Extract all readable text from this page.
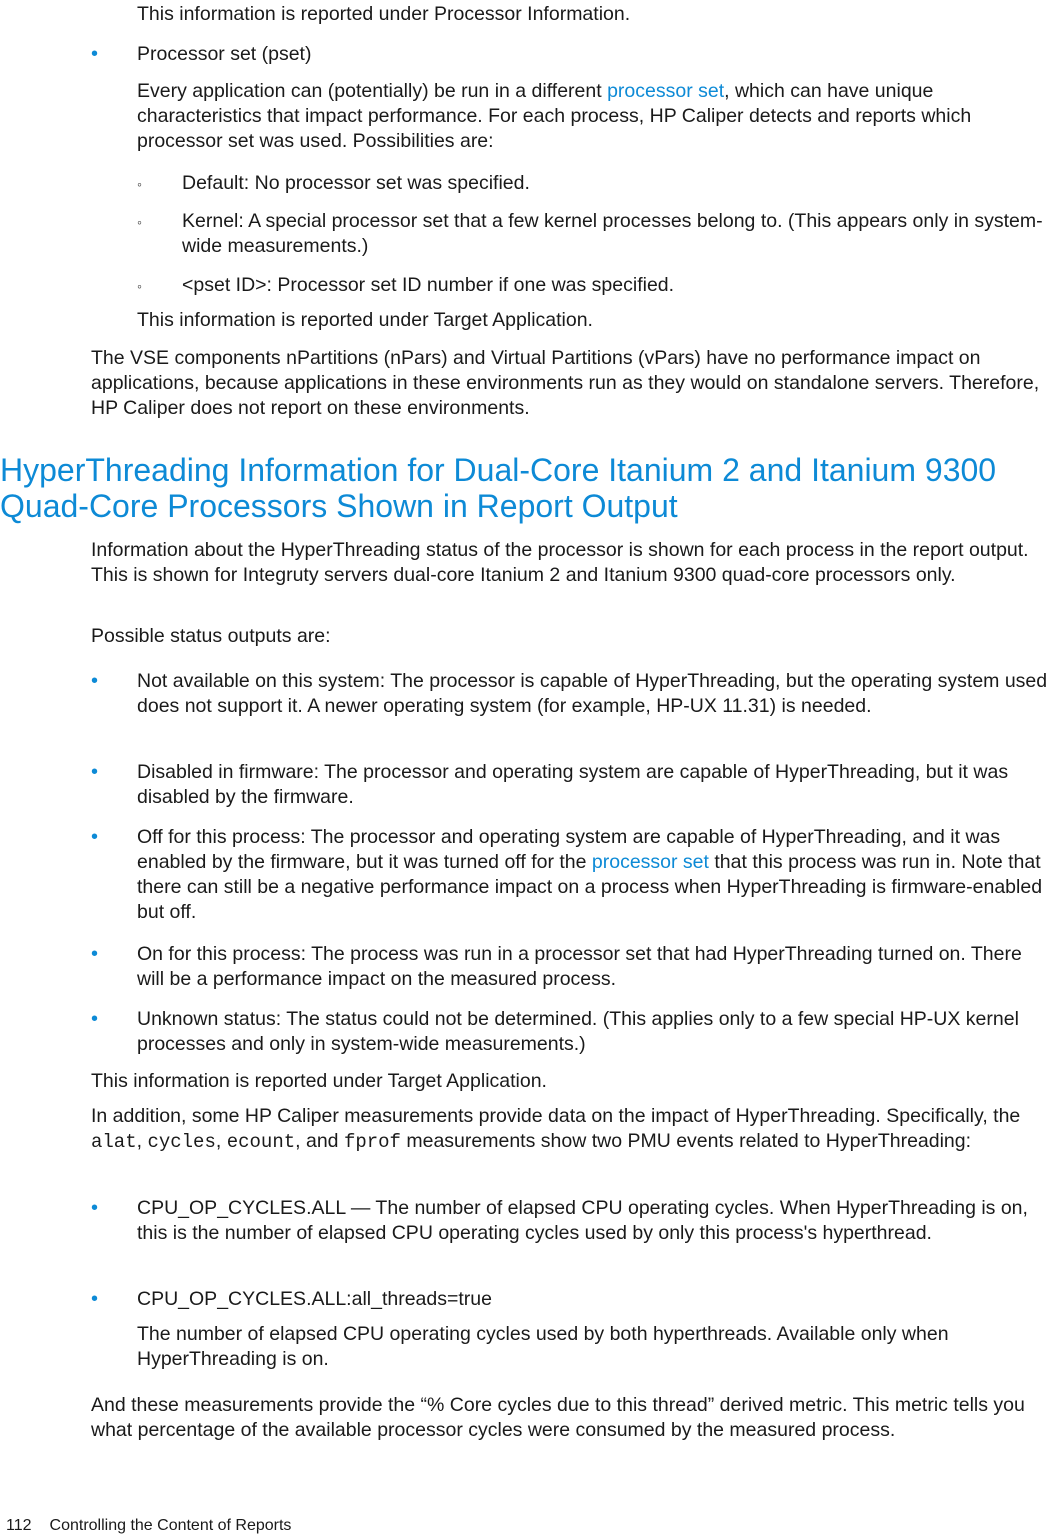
This information is reported under Processor Information.

• Processor set (pset)

Every application can (potentially) be run in a different processor set, which can have unique characteristics that impact performance. For each process, HP Caliper detects and reports which processor set was used. Possibilities are:

◦ Default: No processor set was specified.

◦ Kernel: A special processor set that a few kernel processes belong to. (This appears only in system-wide measurements.)

◦ <pset ID>: Processor set ID number if one was specified.

This information is reported under Target Application.

The VSE components nPartitions (nPars) and Virtual Partitions (vPars) have no performance impact on applications, because applications in these environments run as they would on standalone servers. Therefore, HP Caliper does not report on these environments.

HyperThreading Information for Dual-Core Itanium 2 and Itanium 9300 Quad-Core Processors Shown in Report Output

Information about the HyperThreading status of the processor is shown for each process in the report output. This is shown for Integruty servers dual-core Itanium 2 and Itanium 9300 quad-core processors only.

Possible status outputs are:

• Not available on this system: The processor is capable of HyperThreading, but the operating system used does not support it. A newer operating system (for example, HP-UX 11.31) is needed.

• Disabled in firmware: The processor and operating system are capable of HyperThreading, but it was disabled by the firmware.

• Off for this process: The processor and operating system are capable of HyperThreading, and it was enabled by the firmware, but it was turned off for the processor set that this process was run in. Note that there can still be a negative performance impact on a process when HyperThreading is firmware-enabled but off.

• On for this process: The process was run in a processor set that had HyperThreading turned on. There will be a performance impact on the measured process.

• Unknown status: The status could not be determined. (This applies only to a few special HP-UX kernel processes and only in system-wide measurements.)

This information is reported under Target Application.

In addition, some HP Caliper measurements provide data on the impact of HyperThreading. Specifically, the alat, cycles, ecount, and fprof measurements show two PMU events related to HyperThreading:

• CPU_OP_CYCLES.ALL — The number of elapsed CPU operating cycles. When HyperThreading is on, this is the number of elapsed CPU operating cycles used by only this process's hyperthread.

• CPU_OP_CYCLES.ALL:all_threads=true

The number of elapsed CPU operating cycles used by both hyperthreads. Available only when HyperThreading is on.

And these measurements provide the “% Core cycles due to this thread” derived metric. This metric tells you what percentage of the available processor cycles were consumed by the measured process.

112 Controlling the Content of Reports
